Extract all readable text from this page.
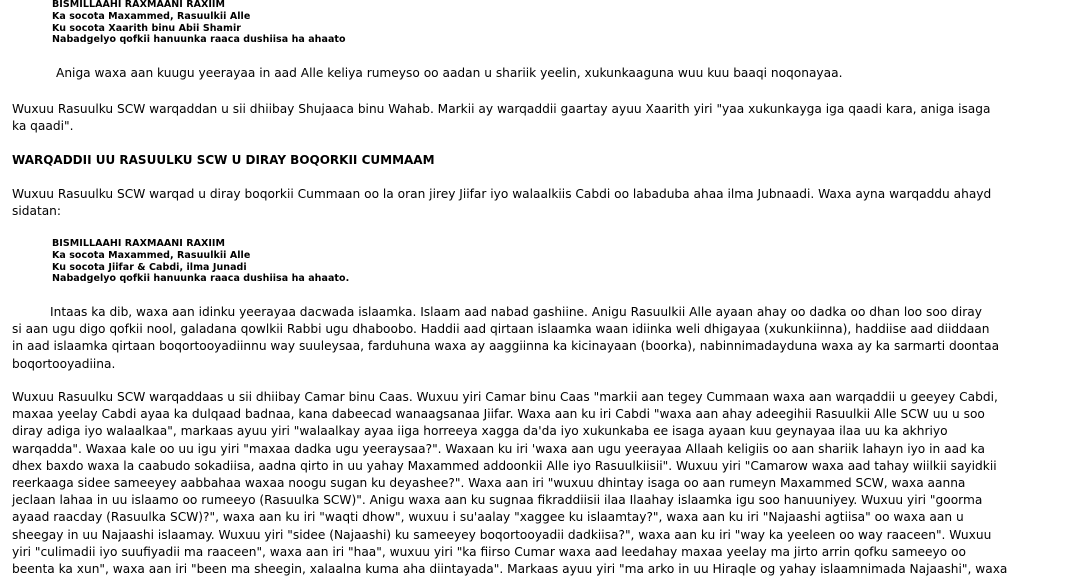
BISMILLAAHI RAXMAANI RAXIIM
Ka socota Maxammed, Rasuulkii Alle
Ku socota Xaarith binu Abii Shamir
Nabadgelyo qofkii hanuunka raaca dushiisa ha ahaato
Aniga waxa aan kuugu yeerayaa in aad Alle keliya rumeyso oo aadan u shariik yeelin, xukunkaaguna wuu kuu baaqi noqonayaa.
Wuxuu Rasuulku SCW warqaddan u sii dhiibay Shujaaca binu Wahab. Markii ay warqaddii gaartay ayuu Xaarith yiri "yaa xukunkayga iga qaadi kara, aniga isaga
ka qaadi".
WARQADDII UU RASUULKU SCW U DIRAY BOQORKII CUMMAAM
Wuxuu Rasuulku SCW warqad u diray boqorkii Cummaan oo la oran jirey Jiifar iyo walaalkiis Cabdi oo labaduba ahaa ilma Jubnaadi. Waxa ayna warqaddu ahayd
sidatan:
BISMILLAAHI RAXMAANI RAXIIM
Ka socota Maxammed, Rasuulkii Alle
Ku socota Jiifar & Cabdi, ilma Junadi
Nabadgelyo qofkii hanuunka raaca dushiisa ha ahaato.
Intaas ka dib, waxa aan idinku yeerayaa dacwada islaamka. Islaam aad nabad gashiine. Anigu Rasuulkii Alle ayaan ahay oo dadka oo dhan loo soo diray
si aan ugu digo qofkii nool, galadana qowlkii Rabbi ugu dhaboobo. Haddii aad qirtaan islaamka waan idiinka weli dhigayaa (xukunkiinna), haddiise aad diiddaan
in aad islaamka qirtaan boqortooyadiinnu way suuleysaa, farduhuna waxa ay aaggiinna ka kicinayaan (boorka), nabinnimadayduna waxa ay ka sarmarti doontaa
boqortooyadiina.
Wuxuu Rasuulku SCW warqaddaas u sii dhiibay Camar binu Caas. Wuxuu yiri Camar binu Caas "markii aan tegey Cummaan waxa aan warqaddii u geeyey Cabdi,
maxaa yeelay Cabdi ayaa ka dulqaad badnaa, kana dabeecad wanaagsanaa Jiifar. Waxa aan ku iri Cabdi "waxa aan ahay adeegihii Rasuulkii Alle SCW uu u soo
diray adiga iyo walaalkaa", markaas ayuu yiri "walaalkay ayaa iiga horreeya xagga da'da iyo xukunkaba ee isaga ayaan kuu geynayaa ilaa uu ka akhriyo
warqadda". Waxaa kale oo uu igu yiri "maxaa dadka ugu yeeraysaa?". Waxaan ku iri 'waxa aan ugu yeerayaa Allaah keligiis oo aan shariik lahayn iyo in aad ka
dhex baxdo waxa la caabudo sokadiisa, aadna qirto in uu yahay Maxammed addoonkii Alle iyo Rasuulkiisii". Wuxuu yiri "Camarow waxa aad tahay wiilkii sayidkii
reerkaaga sidee sameeyey aabbahaa waxaa noogu sugan ku deyashee?". Waxa aan iri "wuxuu dhintay isaga oo aan rumeyn Maxammed SCW, waxa aanna
jeclaan lahaa in uu islaamo oo rumeeyo (Rasuulka SCW)". Anigu waxa aan ku sugnaa fikraddiisii ilaa Ilaahay islaamka igu soo hanuuniyey. Wuxuu yiri "goorma
ayaad raacday (Rasuulka SCW)?", waxa aan ku iri "waqti dhow", wuxuu i su'aalay "xaggee ku islaamtay?", waxa aan ku iri "Najaashi agtiisa" oo waxa aan u
sheegay in uu Najaashi islaamay. Wuxuu yiri "sidee (Najaashi) ku sameeyey boqortooyadii dadkiisa?", waxa aan ku iri "way ka yeeleen oo way raaceen". Wuxuu
yiri "culimadii iyo suufiyadii ma raaceen", waxa aan iri "haa", wuxuu yiri "ka fiirso Cumar waxa aad leedahay maxaa yeelay ma jirto arrin qofku sameeyo oo
beenta ka xun", waxa aan iri "been ma sheegin, xalaalna kuma aha diintayada". Markaas ayuu yiri "ma arko in uu Hiraqle og yahay islaamnimada Najaashi", waxa
